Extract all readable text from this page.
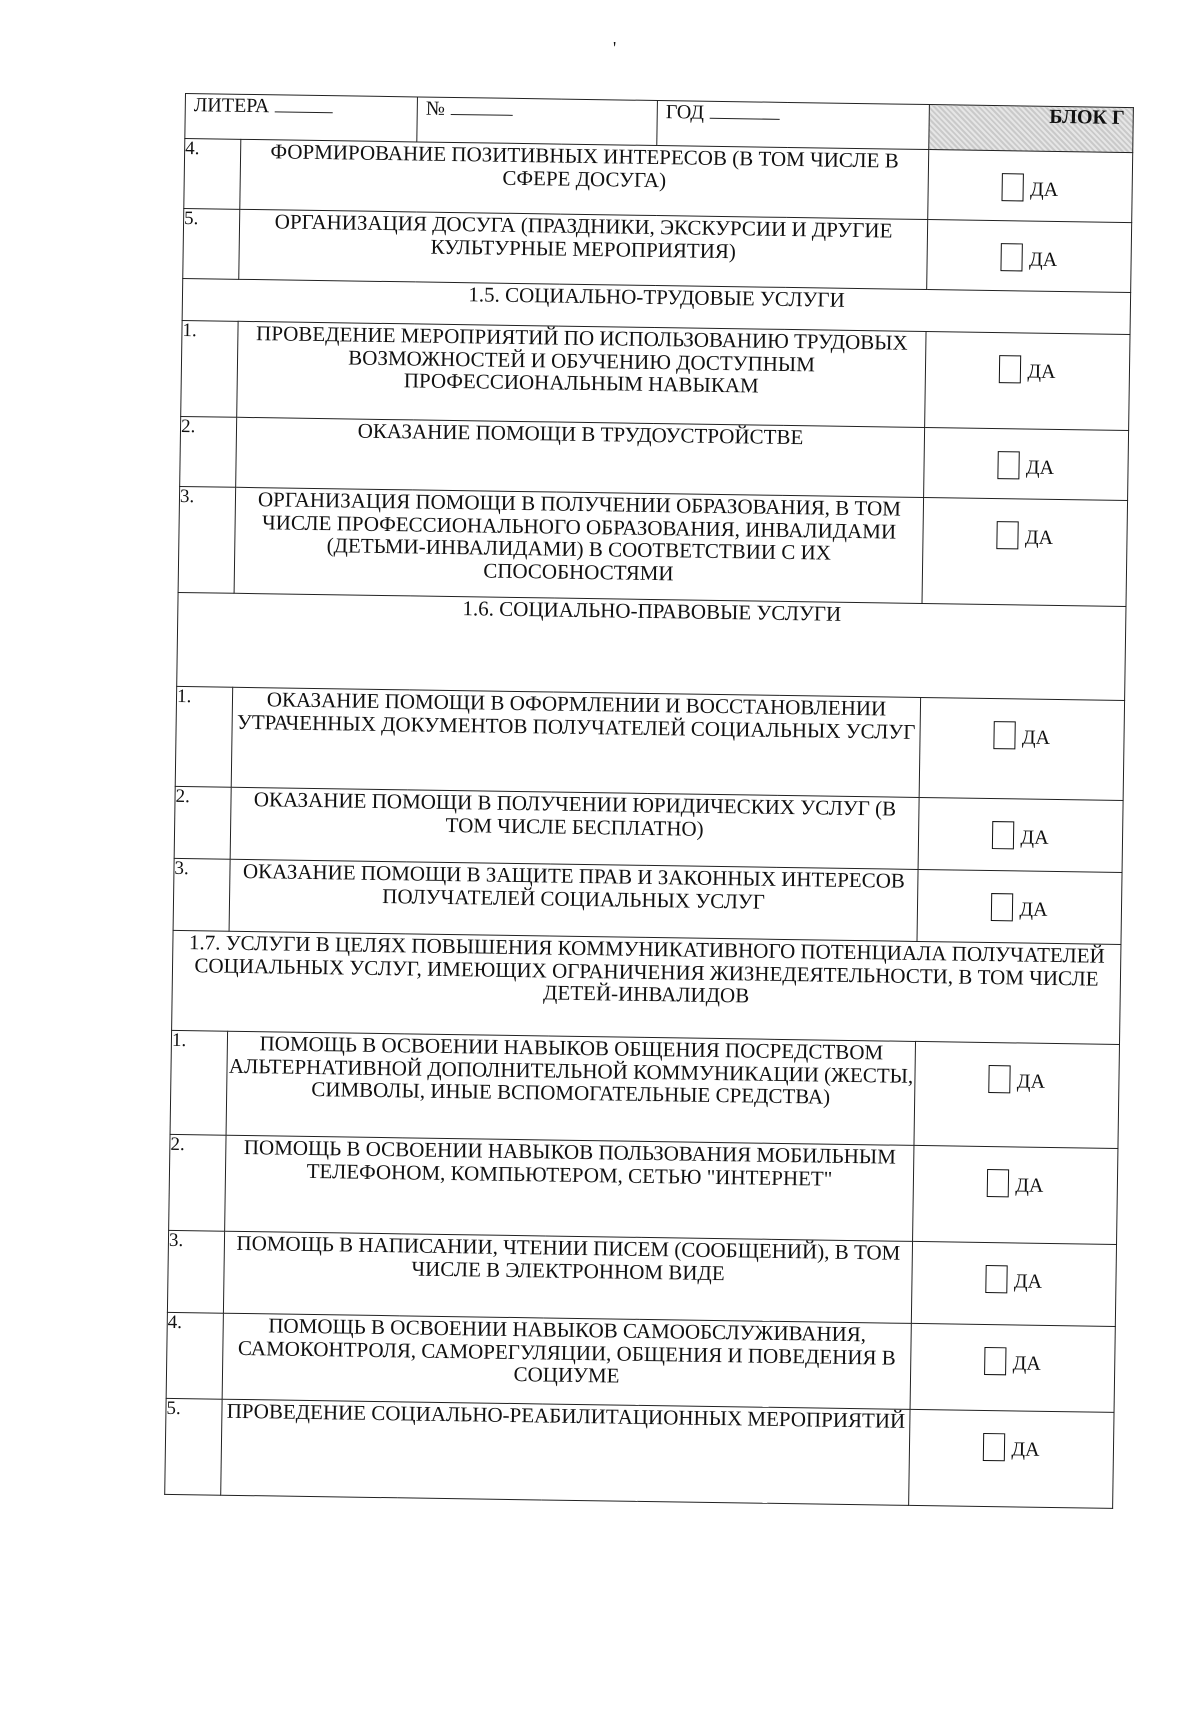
'
ЛИТЕРА		№	ГОД	БЛОК Г
4.	ФОРМИРОВАНИЕ ПОЗИТИВНЫХ ИНТЕРЕСОВ (В ТОМ ЧИСЛЕ В СФЕРЕ ДОСУГА)			ДА

5.	ОРГАНИЗАЦИЯ ДОСУГА (ПРАЗДНИКИ, ЭКСКУРСИИ И ДРУГИЕ КУЛЬТУРНЫЕ МЕРОПРИЯТИЯ)			ДА

1.5. СОЦИАЛЬНО-ТРУДОВЫЕ УСЛУГИ				
1.	ПРОВЕДЕНИЕ МЕРОПРИЯТИЙ ПО ИСПОЛЬЗОВАНИЮ ТРУДОВЫХ ВОЗМОЖНОСТЕЙ И ОБУЧЕНИЮ ДОСТУПНЫМ ПРОФЕССИОНАЛЬНЫМ НАВЫКАМ			ДА

2.	ОКАЗАНИЕ ПОМОЩИ В ТРУДОУСТРОЙСТВЕ			ДА

3.	ОРГАНИЗАЦИЯ ПОМОЩИ В ПОЛУЧЕНИИ ОБРАЗОВАНИЯ, В ТОМ ЧИСЛЕ ПРОФЕССИОНАЛЬНОГО ОБРАЗОВАНИЯ, ИНВАЛИДАМИ (ДЕТЬМИ-ИНВАЛИДАМИ) В СООТВЕТСТВИИ С ИХ СПОСОБНОСТЯМИ			ДА

1.6. СОЦИАЛЬНО-ПРАВОВЫЕ УСЛУГИ				
1.	ОКАЗАНИЕ ПОМОЩИ В ОФОРМЛЕНИИ И ВОССТАНОВЛЕНИИ УТРАЧЕННЫХ ДОКУМЕНТОВ ПОЛУЧАТЕЛЕЙ СОЦИАЛЬНЫХ УСЛУГ			ДА

2.	ОКАЗАНИЕ ПОМОЩИ В ПОЛУЧЕНИИ ЮРИДИЧЕСКИХ УСЛУГ (В ТОМ ЧИСЛЕ БЕСПЛАТНО)			ДА

3.	ОКАЗАНИЕ ПОМОЩИ В ЗАЩИТЕ ПРАВ И ЗАКОННЫХ ИНТЕРЕСОВ ПОЛУЧАТЕЛЕЙ СОЦИАЛЬНЫХ УСЛУГ			ДА

1.7. УСЛУГИ В ЦЕЛЯХ ПОВЫШЕНИЯ КОММУНИКАТИВНОГО ПОТЕНЦИАЛА ПОЛУЧАТЕЛЕЙ СОЦИАЛЬНЫХ УСЛУГ, ИМЕЮЩИХ ОГРАНИЧЕНИЯ ЖИЗНЕДЕЯТЕЛЬНОСТИ, В ТОМ ЧИСЛЕ ДЕТЕЙ-ИНВАЛИДОВ				
1.	ПОМОЩЬ В ОСВОЕНИИ НАВЫКОВ ОБЩЕНИЯ ПОСРЕДСТВОМ АЛЬТЕРНАТИВНОЙ ДОПОЛНИТЕЛЬНОЙ КОММУНИКАЦИИ (ЖЕСТЫ, СИМВОЛЫ, ИНЫЕ ВСПОМОГАТЕЛЬНЫЕ СРЕДСТВА)			ДА

2.	ПОМОЩЬ В ОСВОЕНИИ НАВЫКОВ ПОЛЬЗОВАНИЯ МОБИЛЬНЫМ ТЕЛЕФОНОМ, КОМПЬЮТЕРОМ, СЕТЬЮ "ИНТЕРНЕТ"			ДА

3.	ПОМОЩЬ В НАПИСАНИИ, ЧТЕНИИ ПИСЕМ (СООБЩЕНИЙ), В ТОМ ЧИСЛЕ В ЭЛЕКТРОННОМ ВИДЕ			ДА

4.	ПОМОЩЬ В ОСВОЕНИИ НАВЫКОВ САМООБСЛУЖИВАНИЯ, САМОКОНТРОЛЯ, САМОРЕГУЛЯЦИИ, ОБЩЕНИЯ И ПОВЕДЕНИЯ В СОЦИУМЕ			ДА

5.	ПРОВЕДЕНИЕ СОЦИАЛЬНО-РЕАБИЛИТАЦИОННЫХ МЕРОПРИЯТИЙ			ДА
